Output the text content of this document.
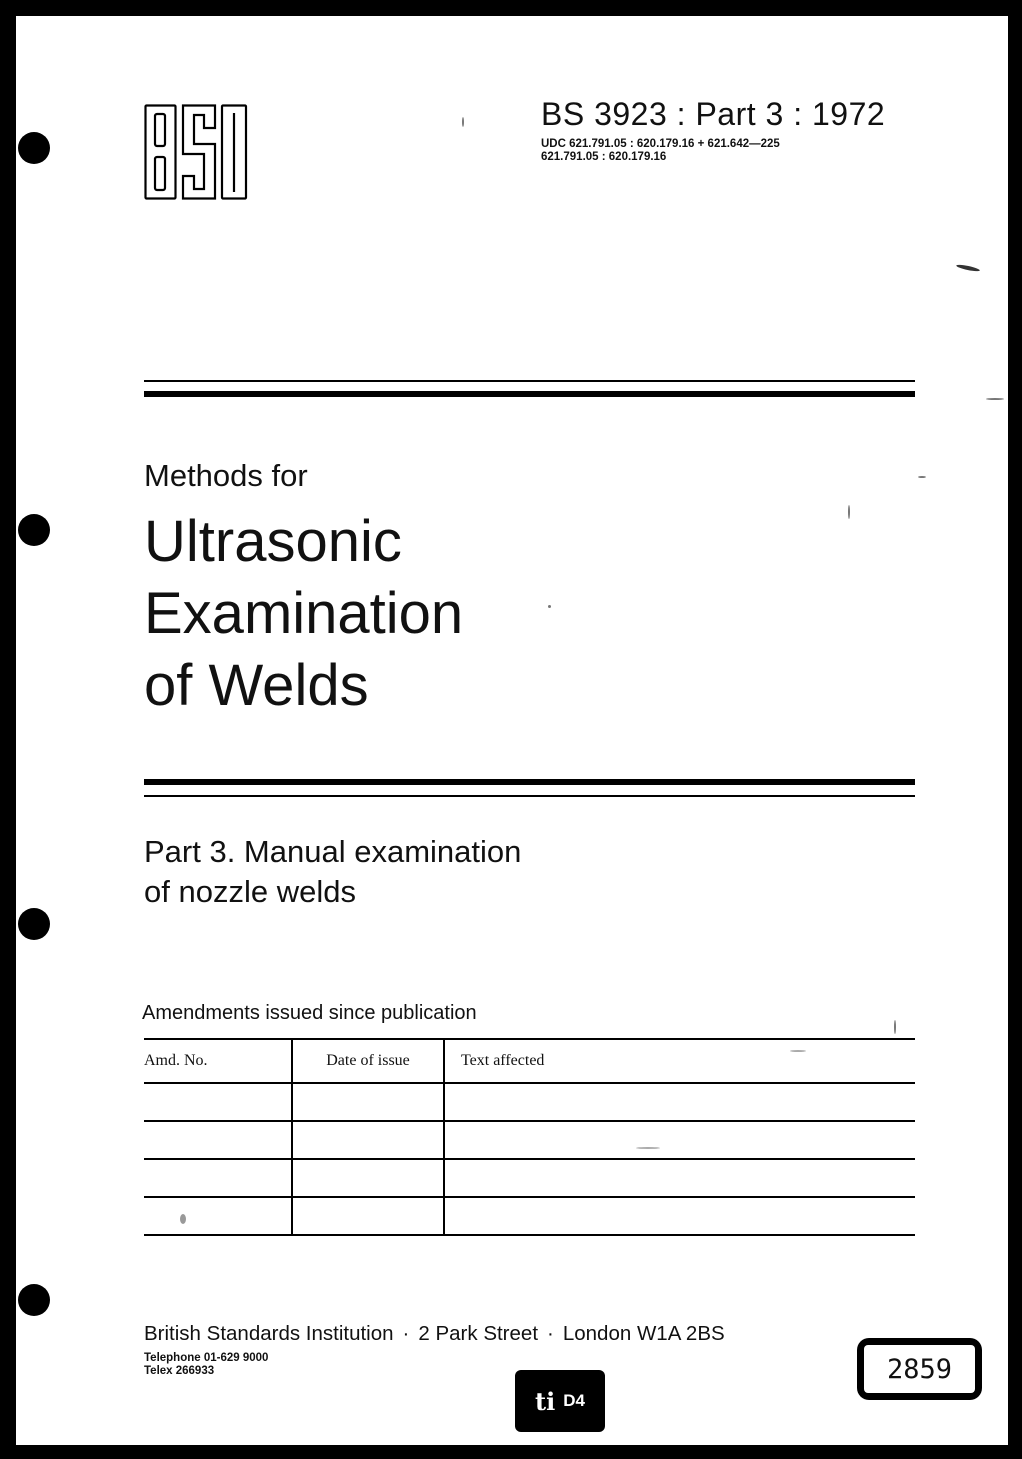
BS 3923 : Part 3 : 1972
UDC 621.791.05 : 620.179.16 + 621.642—225
621.791.05 : 620.179.16
Methods for
Ultrasonic
Examination
of Welds
Part 3. Manual examination
of nozzle welds
Amendments issued since publication
Amd. No.	Date of issue	Text affected

British Standards Institution · 2 Park Street · London W1A 2BS
Telephone 01-629 9000
Telex 266933
ti D4
2859
